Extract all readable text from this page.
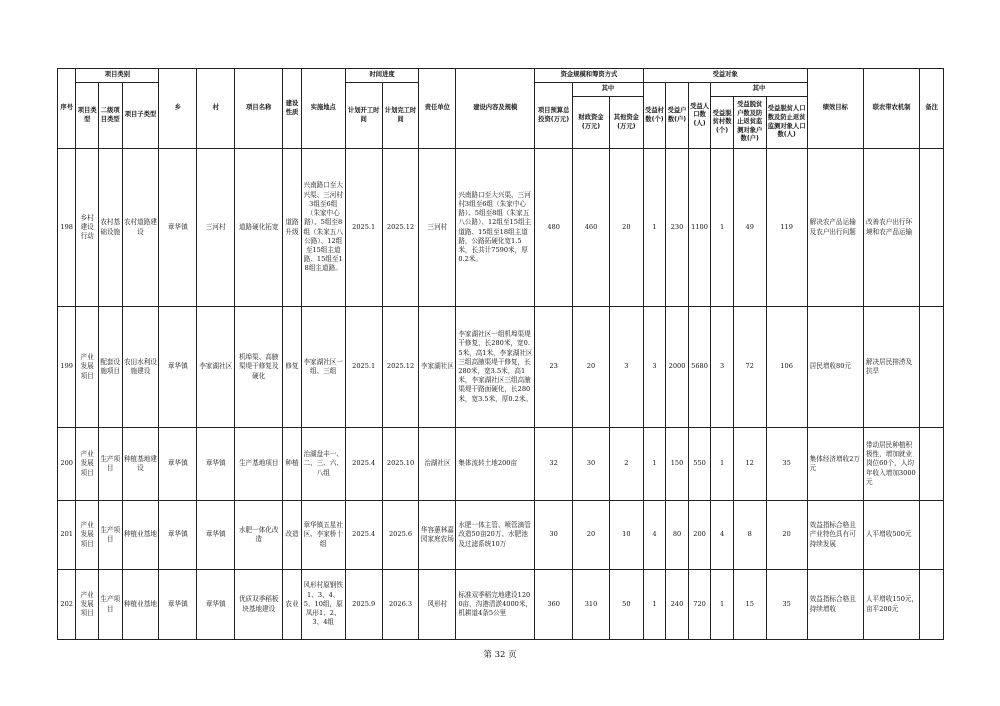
序号	项目类别			乡	村	项目名称	建设性质	实施地点	时间进度		责任单位	建设内容及规模	资金规模和筹资方式			受益对象						绩效目标	联农带农机制	备注
	项目类型	二级项目类型	项目子类型						计划开工时间	计划完工时间			项目预算总投资(万元)	其中		受益村数(个)	受益户数(户)	受益人口数(人)	其中					
														财政资金(万元)	其他资金(万元)				受益脱贫村数(个)	受益脱贫户数及防止返贫监测对象户数(户)	受益脱贫人口数及防止返贫监测对象人口数(人)			
198	乡村建设行动	农村基础设施	农村道路建设	章华镇	三河村	道路硬化拓宽	道路升级	兴南路口至大兴渠、三河村3组至6组（朱家中心路）、5组至8组（朱家五八公路）、12组至15组主道路、15组至18组主道路。	2025.1	2025.12	三河村	兴南路口至大兴渠、三河村3组至6组（朱家中心路）、5组至8组（朱家五八公路）、12组至15组主道路、15组至18组主道路，公路拓硬化宽1.5米，长共计7590米，厚0.2米。	480	460	20	1	230	1100	1	49	119	解决农产品运输及农户出行问题	改善农户出行环境和农产品运输	
199	产业发展项目	配套设施项目	农田水利设施建设	章华镇	李家湖社区	机埠渠、高腋渠堤干修复及硬化	修复	李家湖社区一组、三组	2025.1	2025.12	李家湖社区	李家湖社区一组机埠渠堤干修复，长280米，宽0.5米，高1米，李家湖社区三组高腋渠堤干修复，长280米，宽3.5米，高1米，李家湖社区三组高腋渠堤干路面硬化，长280米，宽3.5米，厚0.2米。	23	20	3	3	2000	5680	3	72	106	居民增收80元	解决居民排涝及抗旱	
200	产业发展项目	生产项目	种植基地建设	章华镇	章华镇	生产基地项目	种植	治湖盘丰一、二、三、六、八组	2025.4	2025.10	治湖社区	集体流转土地200亩	32	30	2	1	150	550	1	12	35	集体经济增收2万元	带动居民种植积极性，增加就业岗位60个，人均年收入增加3000元	
201	产业发展项目	生产项目	种植业基地	章华镇	章华镇	水肥一体化改造	改造	章华镇五星社区、李家桥十组	2025.4	2025.6	华容蕙林嘉园家庭农场	水肥一体主管、喷管滴管改造50亩20万、水肥池及过滤系统10万	30	20	10	4	80	200	4	8	20	效益指标合格且产业特色具有可持续发展	人平增收500元	
202	产业发展项目	生产项目	种植业基地	章华镇	章华镇	优质双季稻板块基地建设	农业	风形村原钢铁1、3、4、5、10组，原凤形1、2、3、4组	2025.9	2026.3	风形村	标准双季稻完地建设1200亩，沟港清淤4000米，机耕道4条5公里	360	310	50	1	240	720	1	15	35	效益指标合格且持续增收	人平增收150元，亩平200元	
第 32 页
